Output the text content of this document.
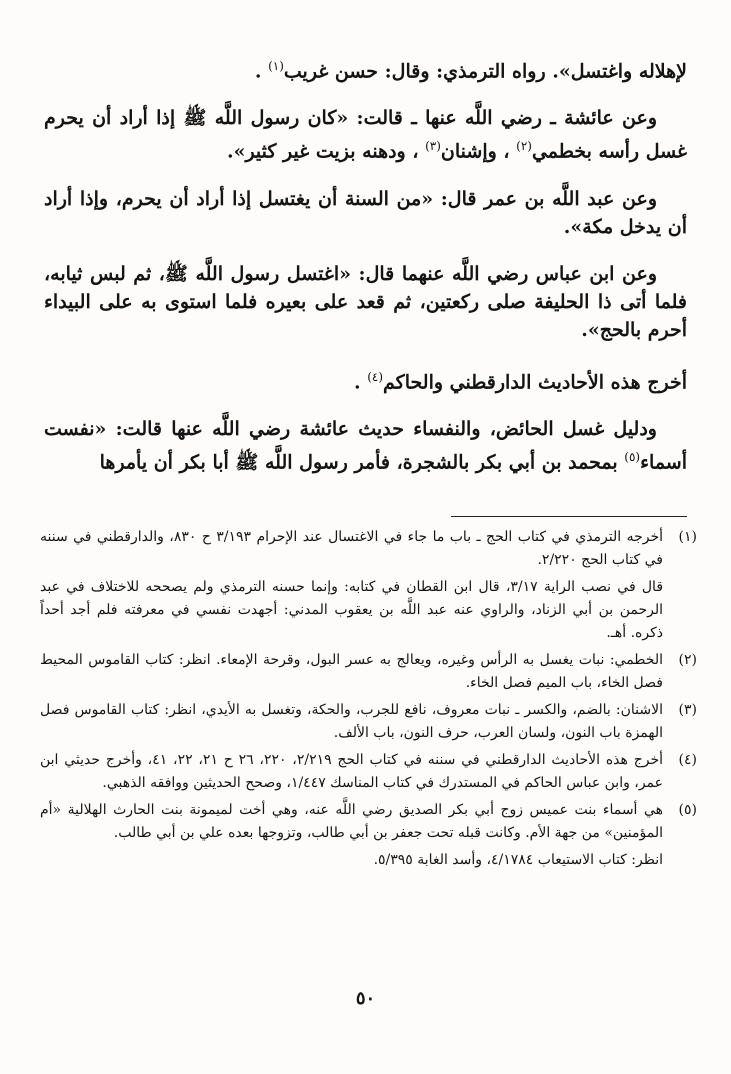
لإهلاله واغتسل». رواه الترمذي: وقال: حسن غريب$^{(١)}$ .

وعن عائشة ـ رضي اللَّه عنها ـ قالت: «كان رسول اللَّه ﷺ إذا أراد أن يحرم غسل رأسه بخطمي$^{(٢)}$ ، وإشنان$^{(٣)}$ ، ودهنه بزيت غير كثير».

وعن عبد اللَّه بن عمر قال: «من السنة أن يغتسل إذا أراد أن يحرم، وإذا أراد أن يدخل مكة».

وعن ابن عباس رضي اللَّه عنهما قال: «اغتسل رسول اللَّه ﷺ، ثم لبس ثيابه، فلما أتى ذا الحليفة صلى ركعتين، ثم قعد على بعيره فلما استوى به على البيداء أحرم بالحج».

أخرج هذه الأحاديث الدارقطني والحاكم$^{(٤)}$ .

ودليل غسل الحائض، والنفساء حديث عائشة رضي اللَّه عنها قالت: «نفست أسماء$^{(٥)}$ بمحمد بن أبي بكر بالشجرة، فأمر رسول اللَّه ﷺ أبا بكر أن يأمرها

(١)

أخرجه الترمذي في كتاب الحج ـ باب ما جاء في الاغتسال عند الإحرام ٣/١٩٣ ح ٨٣٠، والدارقطني في سننه في كتاب الحج ٢/٢٢٠.

قال في نصب الراية ٣/١٧، قال ابن القطان في كتابه: وإنما حسنه الترمذي ولم يصححه للاختلاف في عبد الرحمن بن أبي الزناد، والراوي عنه عبد اللَّه بن يعقوب المدني: أجهدت نفسي في معرفته فلم أجد أحداً ذكره. أهـ.

(٢)

الخطمي: نبات يغسل به الرأس وغيره، ويعالج به عسر البول، وقرحة الإمعاء. انظر: كتاب القاموس المحيط فصل الخاء، باب الميم فصل الخاء.

(٣)

الاشنان: بالضم، والكسر ـ نبات معروف، نافع للجرب، والحكة، وتغسل به الأيدي، انظر: كتاب القاموس فصل الهمزة باب النون، ولسان العرب، حرف النون، باب الألف.

(٤)

أخرج هذه الأحاديث الدارقطني في سننه في كتاب الحج ٢/٢١٩، ٢٢٠، ٢٦ ح ٢١، ٢٢، ٤١، وأخرج حديثي ابن عمر، وابن عباس الحاكم في المستدرك في كتاب المناسك ١/٤٤٧، وصحح الحديثين ووافقه الذهبي.

(٥)

هي أسماء بنت عميس زوج أبي بكر الصديق رضي اللَّه عنه، وهي أخت لميمونة بنت الحارث الهلالية «أم المؤمنين» من جهة الأم. وكانت قبله تحت جعفر بن أبي طالب، وتزوجها بعده علي بن أبي طالب.

انظر: كتاب الاستيعاب ٤/١٧٨٤، وأسد الغابة ٥/٣٩٥.

٥٠
